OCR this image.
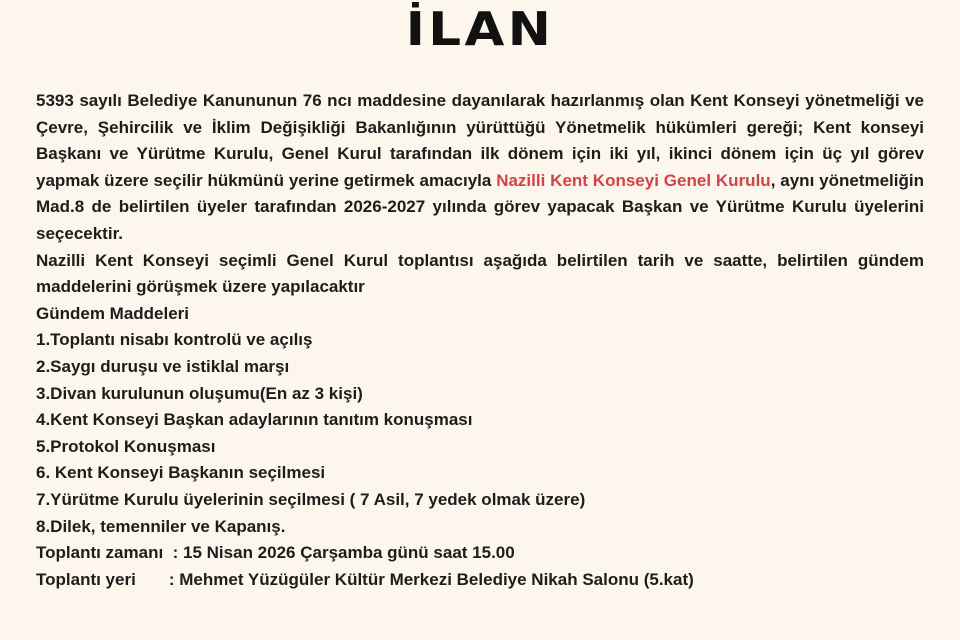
İLAN

5393 sayılı Belediye Kanununun 76 ncı maddesine dayanılarak hazırlanmış olan Kent Konseyi yönetmeliği ve Çevre, Şehircilik ve İklim Değişikliği Bakanlığının yürüttüğü Yönetmelik hükümleri gereği; Kent konseyi Başkanı ve Yürütme Kurulu, Genel Kurul tarafından ilk dönem için iki yıl, ikinci dönem için üç yıl görev yapmak üzere seçilir hükmünü yerine getirmek amacıyla Nazilli Kent Konseyi Genel Kurulu, aynı yönetmeliğin Mad.8 de belirtilen üyeler tarafından 2026-2027 yılında görev yapacak Başkan ve Yürütme Kurulu üyelerini seçecektir.

Nazilli Kent Konseyi seçimli Genel Kurul toplantısı aşağıda belirtilen tarih ve saatte, belirtilen gündem maddelerini görüşmek üzere yapılacaktır

Gündem Maddeleri

1.Toplantı nisabı kontrolü ve açılış

2.Saygı duruşu ve istiklal marşı

3.Divan kurulunun oluşumu(En az 3 kişi)

4.Kent Konseyi Başkan adaylarının tanıtım konuşması

5.Protokol Konuşması

6. Kent Konseyi Başkanın seçilmesi

7.Yürütme Kurulu üyelerinin seçilmesi ( 7 Asil, 7 yedek olmak üzere)

8.Dilek, temenniler ve Kapanış.

Toplantı zamanı  : 15 Nisan 2026 Çarşamba günü saat 15.00

Toplantı yeri       : Mehmet Yüzügüler Kültür Merkezi Belediye Nikah Salonu (5.kat)
